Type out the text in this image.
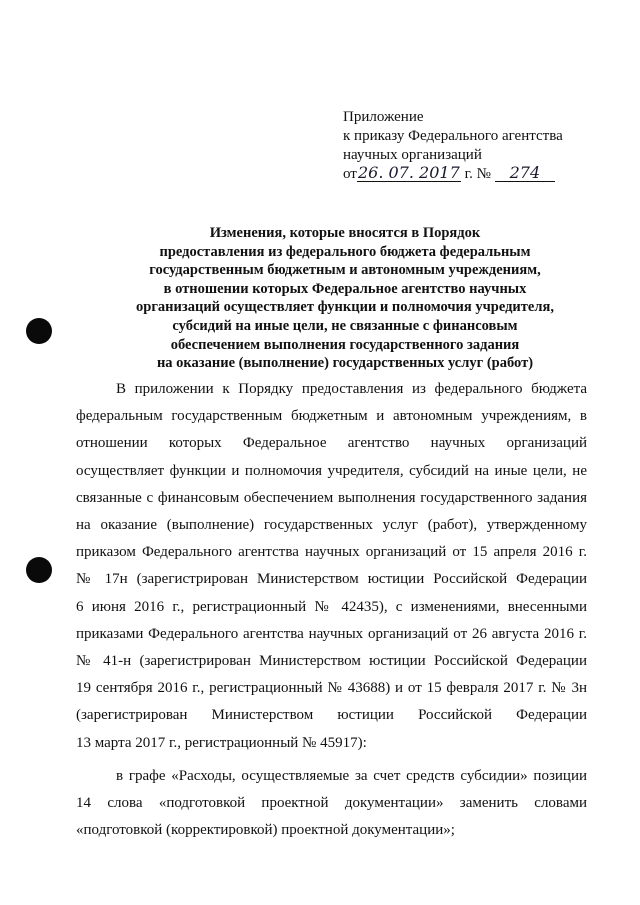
Приложение
к приказу Федерального агентства
научных организаций
от26. 07. 2017 г. № 274
Изменения, которые вносятся в Порядок
предоставления из федерального бюджета федеральным
государственным бюджетным и автономным учреждениям,
в отношении которых Федеральное агентство научных
организаций осуществляет функции и полномочия учредителя,
субсидий на иные цели, не связанные с финансовым
обеспечением выполнения государственного задания
на оказание (выполнение) государственных услуг (работ)
В приложении к Порядку предоставления из федерального бюджета
федеральным государственным бюджетным и автономным учреждениям, в
отношении которых Федеральное агентство научных организаций
осуществляет функции и полномочия учредителя, субсидий на иные цели, не
связанные с финансовым обеспечением выполнения государственного задания
на оказание (выполнение) государственных услуг (работ), утвержденному
приказом Федерального агентства научных организаций от 15 апреля 2016 г.
№ 17н (зарегистрирован Министерством юстиции Российской Федерации
6 июня 2016 г., регистрационный № 42435), с изменениями, внесенными
приказами Федерального агентства научных организаций от 26 августа 2016 г.
№ 41-н (зарегистрирован Министерством юстиции Российской Федерации
19 сентября 2016 г., регистрационный № 43688) и от 15 февраля 2017 г. № 3н
(зарегистрирован Министерством юстиции Российской Федерации
13 марта 2017 г., регистрационный № 45917):
в графе «Расходы, осуществляемые за счет средств субсидии» позиции
14 слова «подготовкой проектной документации» заменить словами
«подготовкой (корректировкой) проектной документации»;
